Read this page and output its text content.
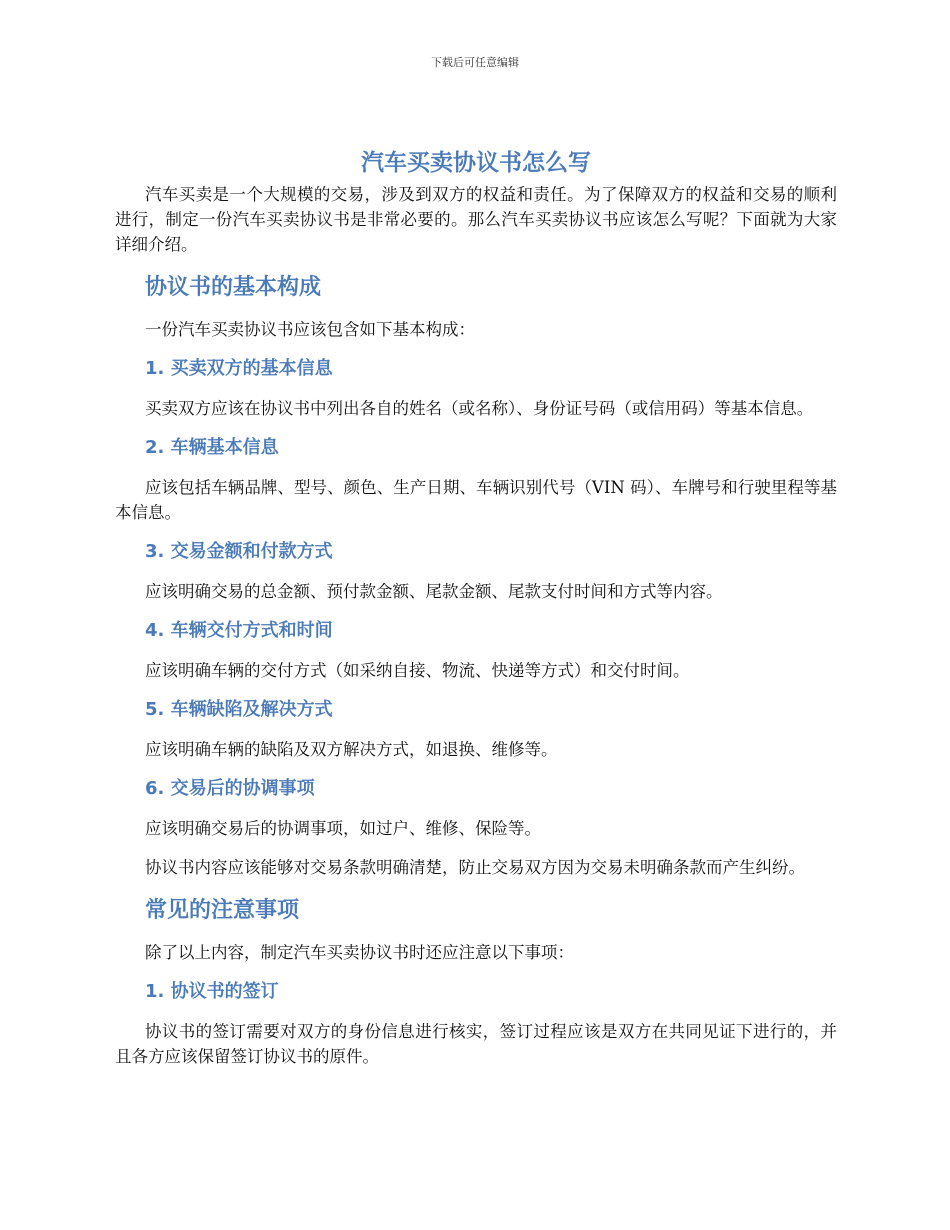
下载后可任意编辑
汽车买卖协议书怎么写

汽车买卖是一个大规模的交易，涉及到双方的权益和责任。为了保障双方的权益和交易的顺利进行，制定一份汽车买卖协议书是非常必要的。那么汽车买卖协议书应该怎么写呢？下面就为大家详细介绍。

协议书的基本构成

一份汽车买卖协议书应该包含如下基本构成：

1. 买卖双方的基本信息

买卖双方应该在协议书中列出各自的姓名（或名称）、身份证号码（或信用码）等基本信息。

2. 车辆基本信息

应该包括车辆品牌、型号、颜色、生产日期、车辆识别代号（VIN 码）、车牌号和行驶里程等基本信息。

3. 交易金额和付款方式

应该明确交易的总金额、预付款金额、尾款金额、尾款支付时间和方式等内容。

4. 车辆交付方式和时间

应该明确车辆的交付方式（如采纳自接、物流、快递等方式）和交付时间。

5. 车辆缺陷及解决方式

应该明确车辆的缺陷及双方解决方式，如退换、维修等。

6. 交易后的协调事项

应该明确交易后的协调事项，如过户、维修、保险等。

协议书内容应该能够对交易条款明确清楚，防止交易双方因为交易未明确条款而产生纠纷。

常见的注意事项

除了以上内容，制定汽车买卖协议书时还应注意以下事项：

1. 协议书的签订

协议书的签订需要对双方的身份信息进行核实，签订过程应该是双方在共同见证下进行的，并且各方应该保留签订协议书的原件。
